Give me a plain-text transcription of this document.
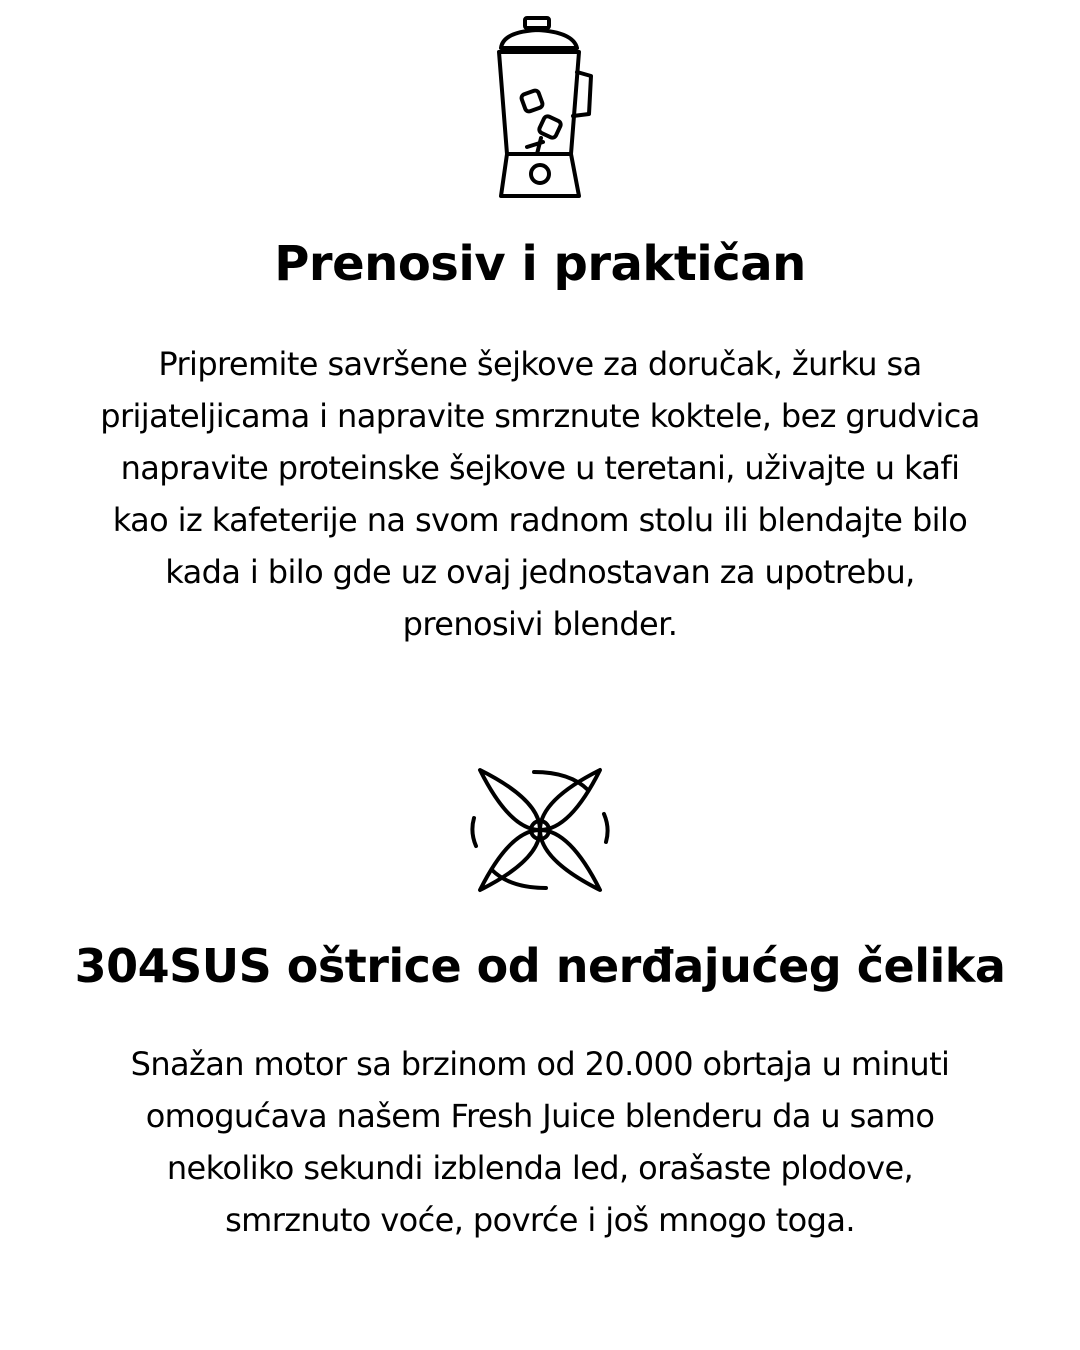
Prenosiv i praktičan

Pripremite savršene šejkove za doručak, žurku sa prijateljicama i napravite smrznute koktele, bez grudvica napravite proteinske šejkove u teretani, uživajte u kafi kao iz kafeterije na svom radnom stolu ili blendajte bilo kada i bilo gde uz ovaj jednostavan za upotrebu, prenosivi blender.

304SUS oštrice od nerđajućeg čelika

Snažan motor sa brzinom od 20.000 obrtaja u minuti omogućava našem Fresh Juice blenderu da u samo nekoliko sekundi izblenda led, orašaste plodove, smrznuto voće, povrće i još mnogo toga.
